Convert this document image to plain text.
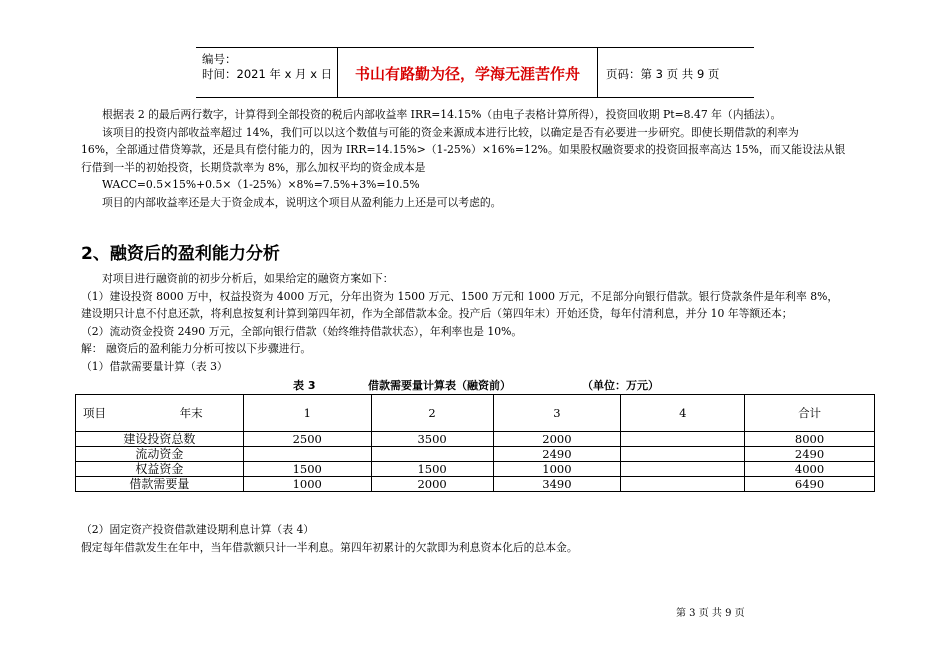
编号：
时间：2021 年 x 月 x 日	书山有路勤为径，学海无涯苦作舟	页码：第 3 页 共 9 页

根据表 2 的最后两行数字，计算得到全部投资的税后内部收益率 IRR=14.15%（由电子表格计算所得），投资回收期 Pt=8.47 年（内插法）。

该项目的投资内部收益率超过 14%，我们可以以这个数值与可能的资金来源成本进行比较，以确定是否有必要进一步研究。即使长期借款的利率为

16%，全部通过借贷筹款，还是具有偿付能力的，因为 IRR=14.15%>（1-25%）×16%=12%。如果股权融资要求的投资回报率高达 15%，而又能设法从银

行借到一半的初始投资，长期贷款率为 8%，那么加权平均的资金成本是

WACC=0.5×15%+0.5×（1-25%）×8%=7.5%+3%=10.5%

项目的内部收益率还是大于资金成本，说明这个项目从盈利能力上还是可以考虑的。

2、融资后的盈利能力分析

对项目进行融资前的初步分析后，如果给定的融资方案如下：

（1）建设投资 8000 万中，权益投资为 4000 万元，分年出资为 1500 万元、1500 万元和 1000 万元，不足部分向银行借款。银行贷款条件是年利率 8%，

建设期只计息不付息还款，将利息按复利计算到第四年初，作为全部借款本金。投产后（第四年末）开始还贷，每年付清利息，并分 10 年等额还本；

（2）流动资金投资 2490 万元，全部向银行借款（始终维持借款状态），年利率也是 10%。

解： 融资后的盈利能力分析可按以下步骤进行。

（1）借款需要量计算（表 3）

表 3	借款需要量计算表（融资前）	（单位：万元）
项目 年末	1	2	3	4	合计
建设投资总数	2500	3500	2000		8000
流动资金			2490		2490
权益资金	1500	1500	1000		4000
借款需要量	1000	2000	3490		6490

（2）固定资产投资借款建设期利息计算（表 4）

假定每年借款发生在年中，当年借款额只计一半利息。第四年初累计的欠款即为利息资本化后的总本金。

第 3 页 共 9 页
